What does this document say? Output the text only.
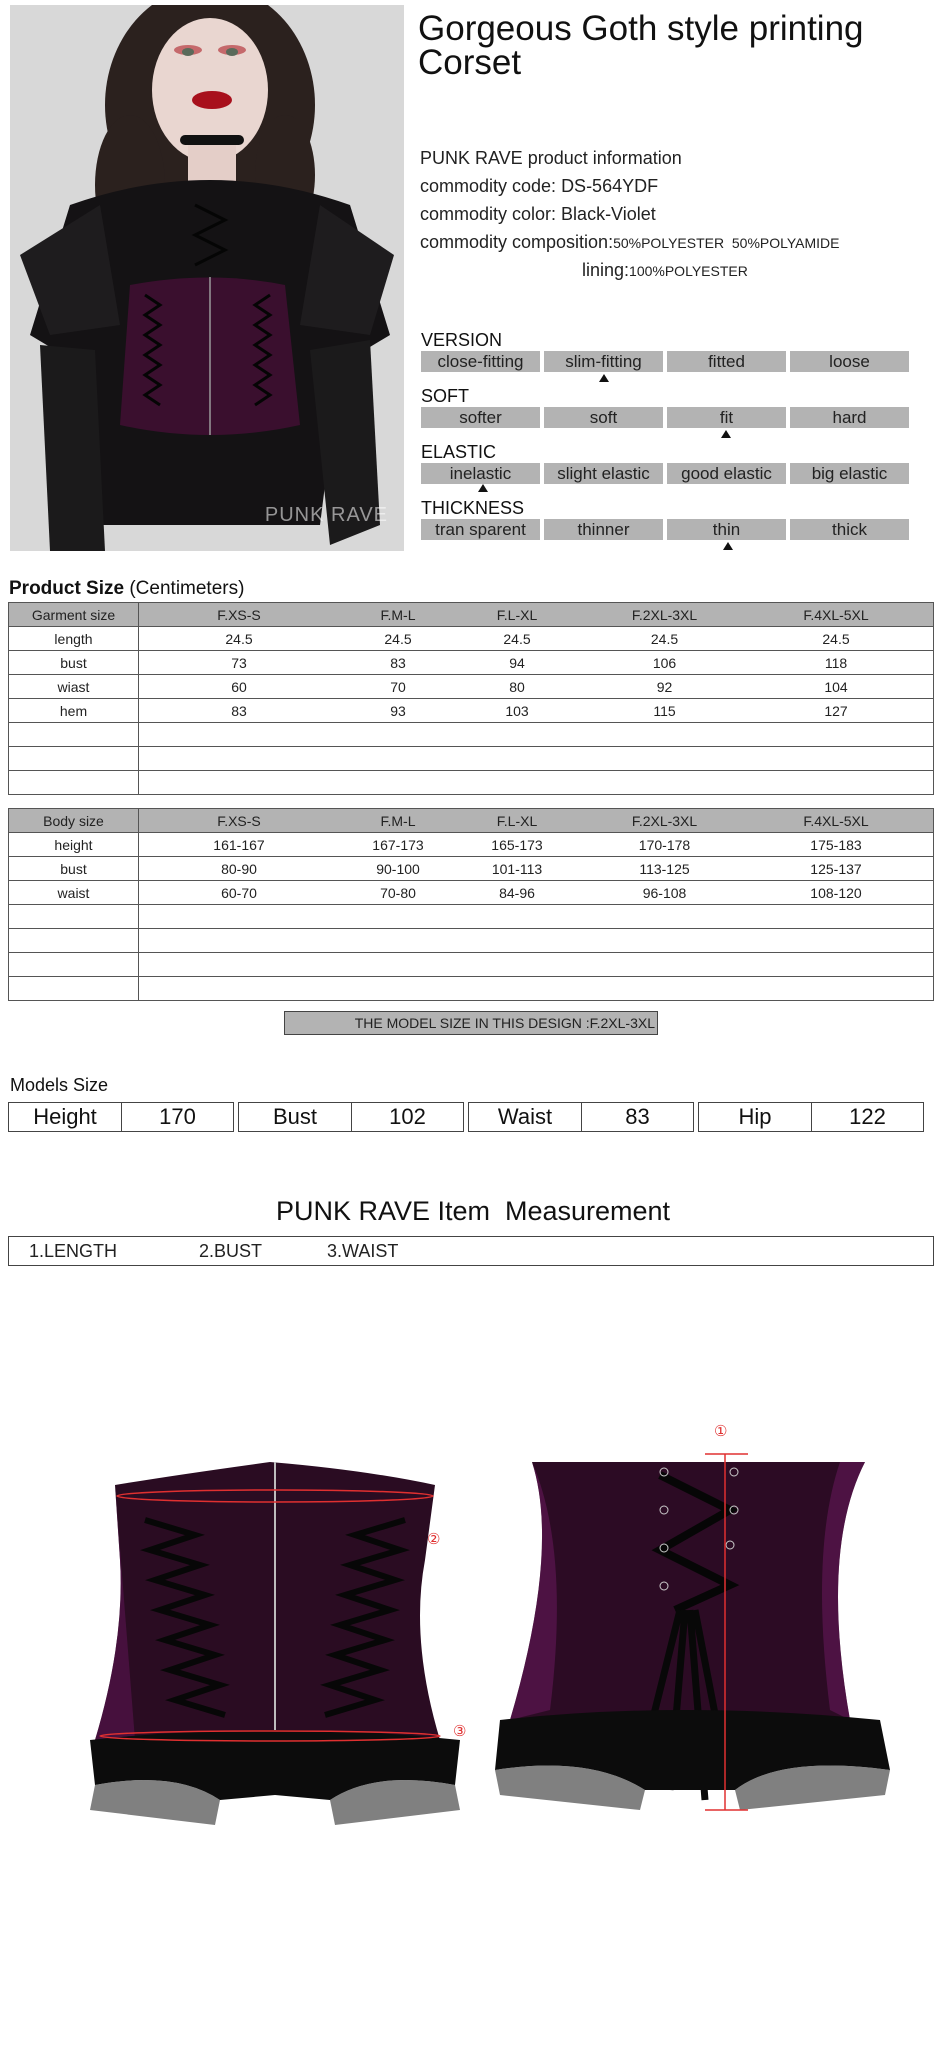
PUNK RAVE
Gorgeous Goth style printing Corset
PUNK RAVE product information
commodity code: DS-564YDF
commodity color: Black-Violet
commodity composition:50%POLYESTER  50%POLYAMIDE
lining:100%POLYESTER
VERSION
close-fitting	slim-fitting	fitted	loose
SOFT
softer	soft	fit	hard
ELASTIC
inelastic	slight elastic	good elastic	big elastic
THICKNESS
tran sparent	thinner	thin	thick
Product Size (Centimeters)
Garment size	F.XS-S F.M-L F.L-XL F.2XL-3XL F.4XL-5XL

length	24.5 24.5 24.5 24.5 24.5

bust	73 83 94 106 118

wiast	60 70 80 92 104

hem	83 93 103 115 127

Body size	F.XS-S F.M-L F.L-XL F.2XL-3XL F.4XL-5XL

height	161-167 167-173 165-173 170-178 175-183

bust	80-90 90-100 101-113 113-125 125-137

waist	60-70 70-80 84-96 96-108 108-120

THE MODEL SIZE IN THIS DESIGN :F.2XL-3XL
Models Size
Height	170	Bust	102	Waist	83	Hip	122
PUNK RAVE Item  Measurement
1.LENGTH	2.BUST	3.WAIST
②
③
①
